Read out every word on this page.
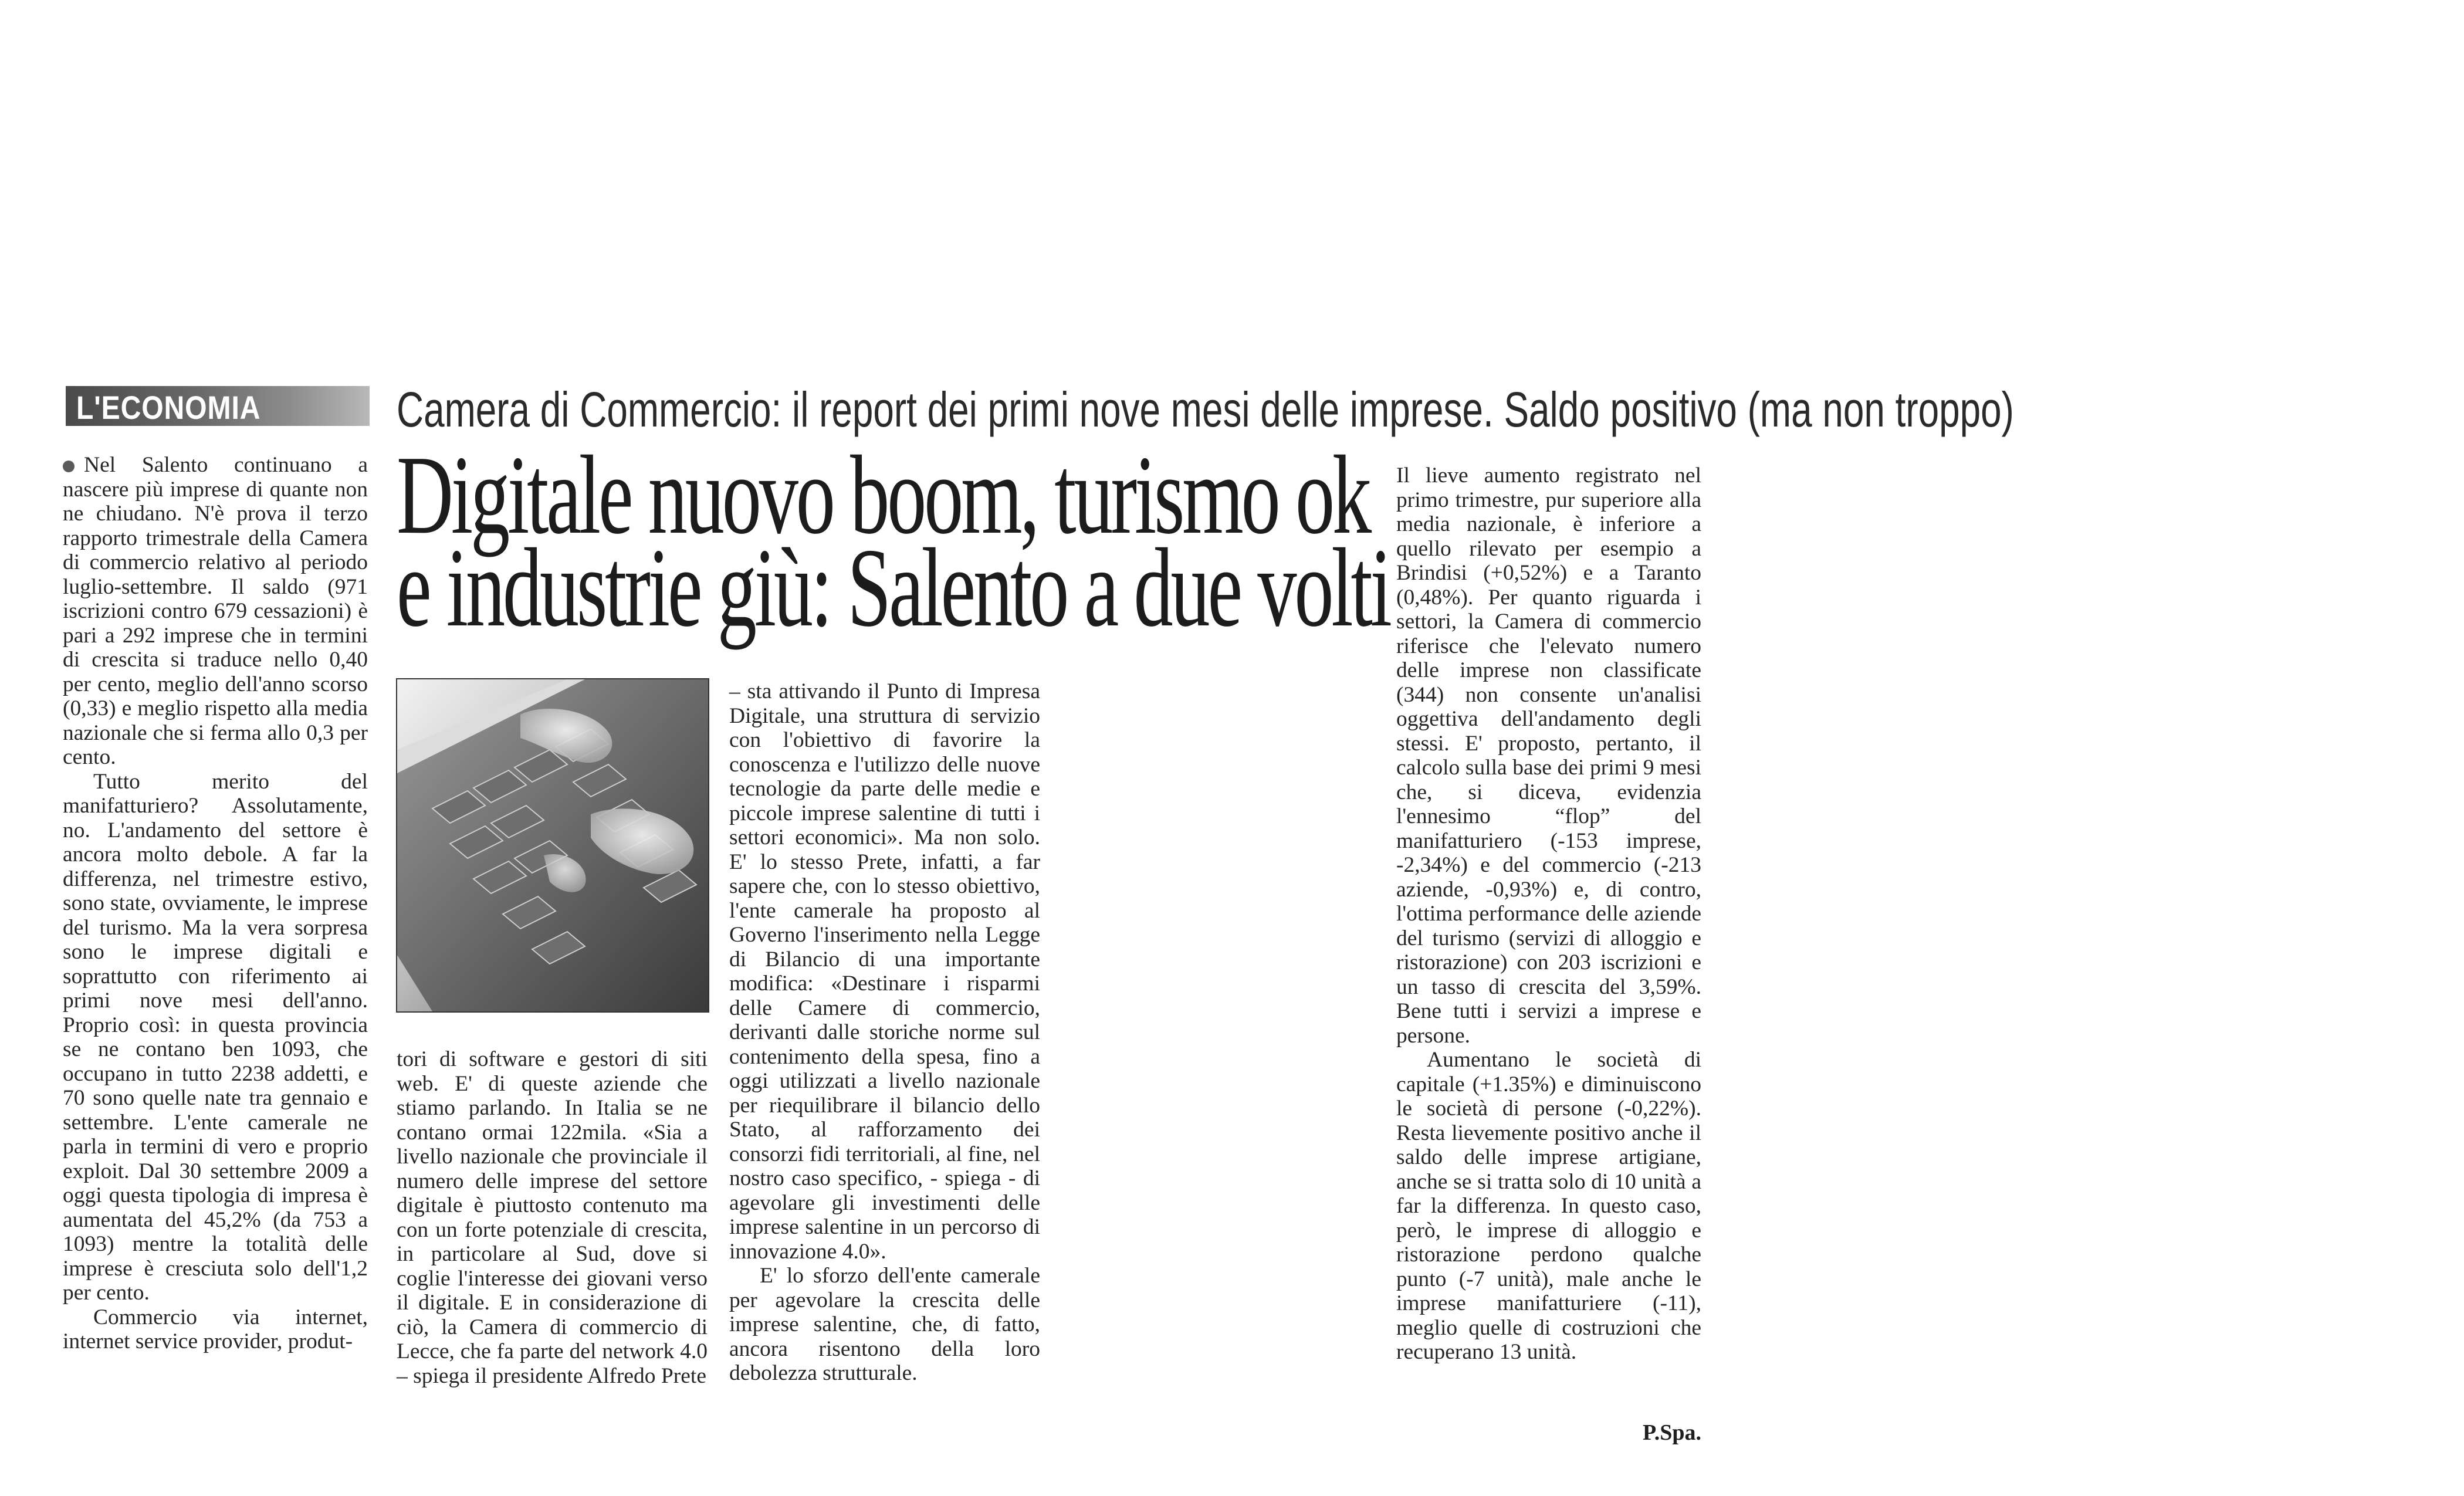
L'ECONOMIA	Camera di Commercio: il report dei primi nove mesi delle imprese. Saldo positivo (ma non troppo)
Digitale nuovo boom, turismo ok
e industrie giù: Salento a due volti

Nel Salento continuano a nascere più imprese di quante non ne chiudano. N'è prova il terzo rapporto trimestrale della Camera di commercio relativo al periodo luglio-settembre. Il saldo (971 iscrizioni contro 679 cessazioni) è pari a 292 imprese che in termini di crescita si traduce nello 0,40 per cento, meglio dell'anno scorso (0,33) e meglio rispetto alla media nazionale che si ferma allo 0,3 per cento.

Tutto merito del manifatturiero? Assolutamente, no. L'andamento del settore è ancora molto debole. A far la differenza, nel trimestre estivo, sono state, ovviamente, le imprese del turismo. Ma la vera sorpresa sono le imprese digitali e soprattutto con riferimento ai primi nove mesi dell'anno. Proprio così: in questa provincia se ne contano ben 1093, che occupano in tutto 2238 addetti, e 70 sono quelle nate tra gennaio e settembre. L'ente camerale ne parla in termini di vero e proprio exploit. Dal 30 settembre 2009 a oggi questa tipologia di impresa è aumentata del 45,2% (da 753 a 1093) mentre la totalità delle imprese è cresciuta solo dell'1,2 per cento.

Commercio via internet, internet service provider, produt-

tori di software e gestori di siti web. E' di queste aziende che stiamo parlando. In Italia se ne contano ormai 122mila. «Sia a livello nazionale che provinciale il numero delle imprese del settore digitale è piuttosto contenuto ma con un forte potenziale di crescita, in particolare al Sud, dove si coglie l'interesse dei giovani verso il digitale. E in considerazione di ciò, la Camera di commercio di Lecce, che fa parte del network 4.0 – spiega il presidente Alfredo Prete

– sta attivando il Punto di Impresa Digitale, una struttura di servizio con l'obiettivo di favorire la conoscenza e l'utilizzo delle nuove tecnologie da parte delle medie e piccole imprese salentine di tutti i settori economici». Ma non solo. E' lo stesso Prete, infatti, a far sapere che, con lo stesso obiettivo, l'ente camerale ha proposto al Governo l'inserimento nella Legge di Bilancio di una importante modifica: «Destinare i risparmi delle Camere di commercio, derivanti dalle storiche norme sul contenimento della spesa, fino a oggi utilizzati a livello nazionale per riequilibrare il bilancio dello Stato, al rafforzamento dei consorzi fidi territoriali, al fine, nel nostro caso specifico, - spiega - di agevolare gli investimenti delle imprese salentine in un percorso di innovazione 4.0».

E' lo sforzo dell'ente camerale per agevolare la crescita delle imprese salentine, che, di fatto, ancora risentono della loro debolezza strutturale.

Il lieve aumento registrato nel primo trimestre, pur superiore alla media nazionale, è inferiore a quello rilevato per esempio a Brindisi (+0,52%) e a Taranto (0,48%). Per quanto riguarda i settori, la Camera di commercio riferisce che l'elevato numero delle imprese non classificate (344) non consente un'analisi oggettiva dell'andamento degli stessi. E' proposto, pertanto, il calcolo sulla base dei primi 9 mesi che, si diceva, evidenzia l'ennesimo “flop” del manifatturiero (-153 imprese, -2,34%) e del commercio (-213 aziende, -0,93%) e, di contro, l'ottima performance delle aziende del turismo (servizi di alloggio e ristorazione) con 203 iscrizioni e un tasso di crescita del 3,59%. Bene tutti i servizi a imprese e persone.

Aumentano le società di capitale (+1.35%) e diminuiscono le società di persone (-0,22%). Resta lievemente positivo anche il saldo delle imprese artigiane, anche se si tratta solo di 10 unità a far la differenza. In questo caso, però, le imprese di alloggio e ristorazione perdono qualche punto (-7 unità), male anche le imprese manifatturiere (-11), meglio quelle di costruzioni che recuperano 13 unità.

P.Spa.
